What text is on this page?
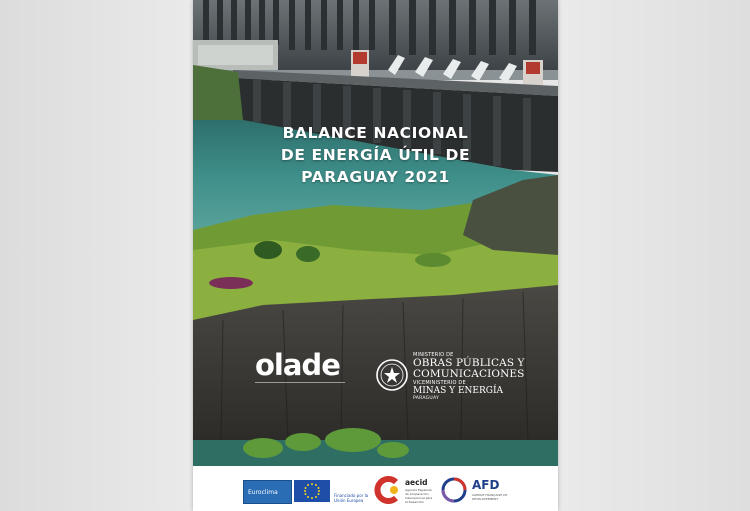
BALANCE NACIONAL
DE ENERGÍA ÚTIL DE
PARAGUAY 2021
olade	MINISTERIO DE
OBRAS PÚBLICAS Y
COMUNICACIONES
VICEMINISTERIO DE
MINAS Y ENERGÍA
PARAGUAY
Euroclima	Financiado por la Unión Europea
aecid
Agencia Española de Cooperación Internacional para el Desarrollo
AFD
AGENCE FRANÇAISE DE DÉVELOPPEMENT
